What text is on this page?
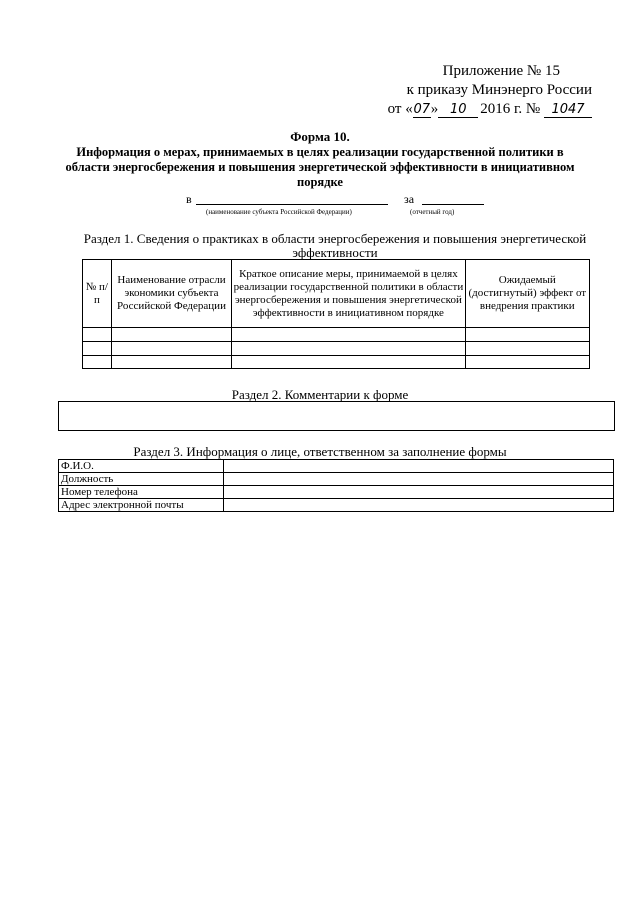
Приложение № 15
к приказу Минэнерго России
от «07» 10 2016 г. № 1047
Форма 10.
Информация о мерах, принимаемых в целях реализации государственной политики в
области энергосбережения и повышения энергетической эффективности в инициативном
порядке
в	за
(наименование субъекта Российской Федерации)	(отчетный год)
Раздел 1. Сведения о практиках в области энергосбережения и повышения энергетической
эффективности
№ п/п	Наименование отрасли экономики субъекта Российской Федерации	Краткое описание меры, принимаемой в целях реализации государственной политики в области энергосбережения и повышения энергетической эффективности в инициативном порядке	Ожидаемый (достигнутый) эффект от внедрения практики

Раздел 2. Комментарии к форме
Раздел 3. Информация о лице, ответственном за заполнение формы
Ф.И.О.	
Должность	
Номер телефона	
Адрес электронной почты	
